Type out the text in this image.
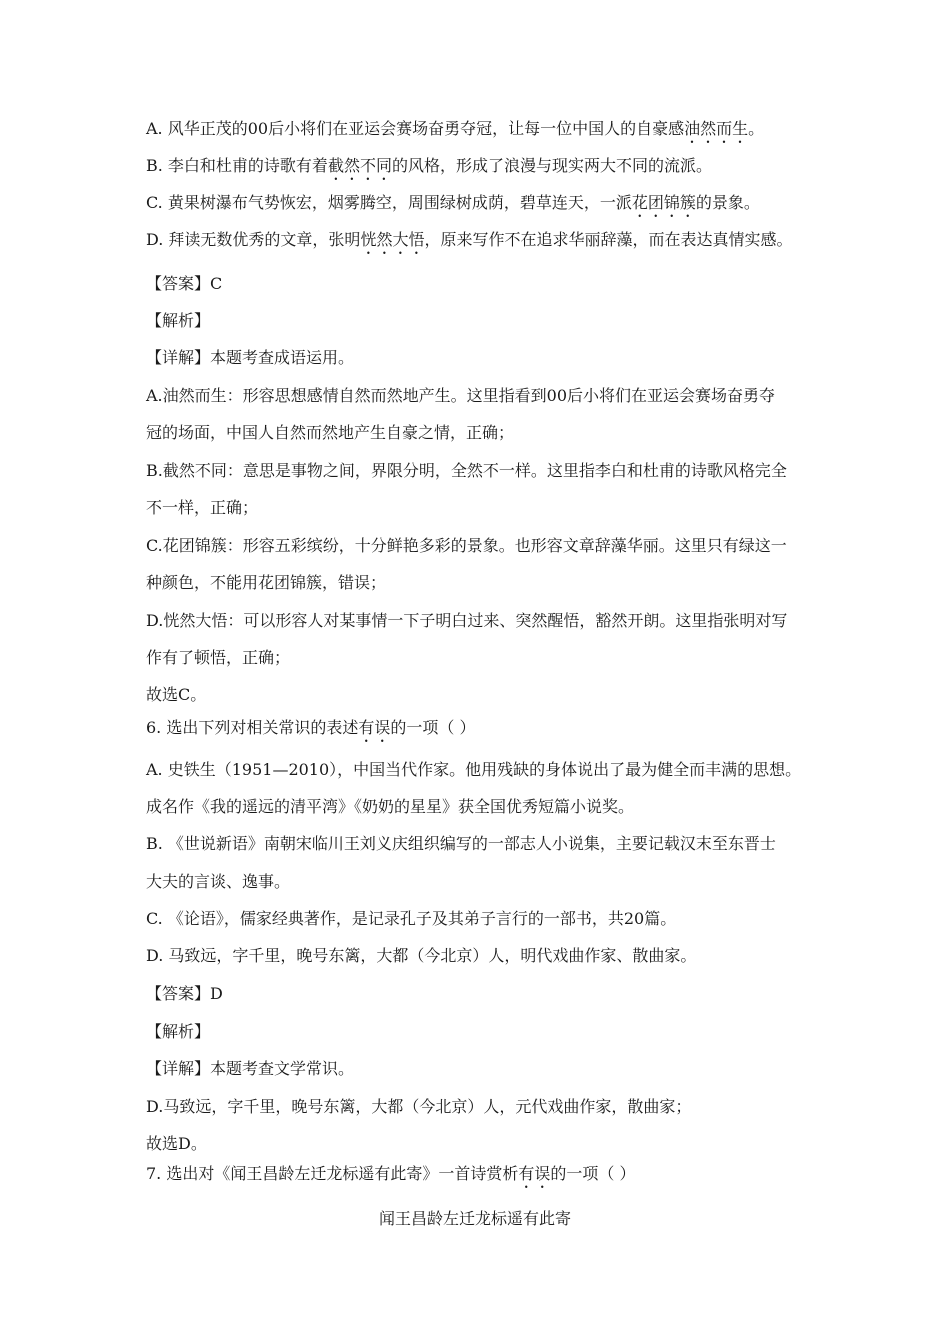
A. 风华正茂的00后小将们在亚运会赛场奋勇夺冠，让每一位中国人的自豪感油然而生。
B. 李白和杜甫的诗歌有着截然不同的风格，形成了浪漫与现实两大不同的流派。
C. 黄果树瀑布气势恢宏，烟雾腾空，周围绿树成荫，碧草连天，一派花团锦簇的景象。
D. 拜读无数优秀的文章，张明恍然大悟，原来写作不在追求华丽辞藻，而在表达真情实感。
【答案】C
【解析】
【详解】本题考查成语运用。
A.油然而生：形容思想感情自然而然地产生。这里指看到00后小将们在亚运会赛场奋勇夺
冠的场面，中国人自然而然地产生自豪之情，正确；
B.截然不同：意思是事物之间，界限分明，全然不一样。这里指李白和杜甫的诗歌风格完全
不一样，正确；
C.花团锦簇：形容五彩缤纷，十分鲜艳多彩的景象。也形容文章辞藻华丽。这里只有绿这一
种颜色，不能用花团锦簇，错误；
D.恍然大悟：可以形容人对某事情一下子明白过来、突然醒悟，豁然开朗。这里指张明对写
作有了顿悟，正确；
故选C。
6. 选出下列对相关常识的表述有误的一项（ ）
A. 史铁生（1951—2010），中国当代作家。他用残缺的身体说出了最为健全而丰满的思想。
成名作《我的遥远的清平湾》《奶奶的星星》获全国优秀短篇小说奖。
B. 《世说新语》南朝宋临川王刘义庆组织编写的一部志人小说集，主要记载汉末至东晋士
大夫的言谈、逸事。
C. 《论语》，儒家经典著作，是记录孔子及其弟子言行的一部书，共20篇。
D. 马致远，字千里，晚号东篱，大都（今北京）人，明代戏曲作家、散曲家。
【答案】D
【解析】
【详解】本题考查文学常识。
D.马致远，字千里，晚号东篱，大都（今北京）人，元代戏曲作家，散曲家；
故选D。
7. 选出对《闻王昌龄左迁龙标遥有此寄》一首诗赏析有误的一项（ ）
闻王昌龄左迁龙标遥有此寄
